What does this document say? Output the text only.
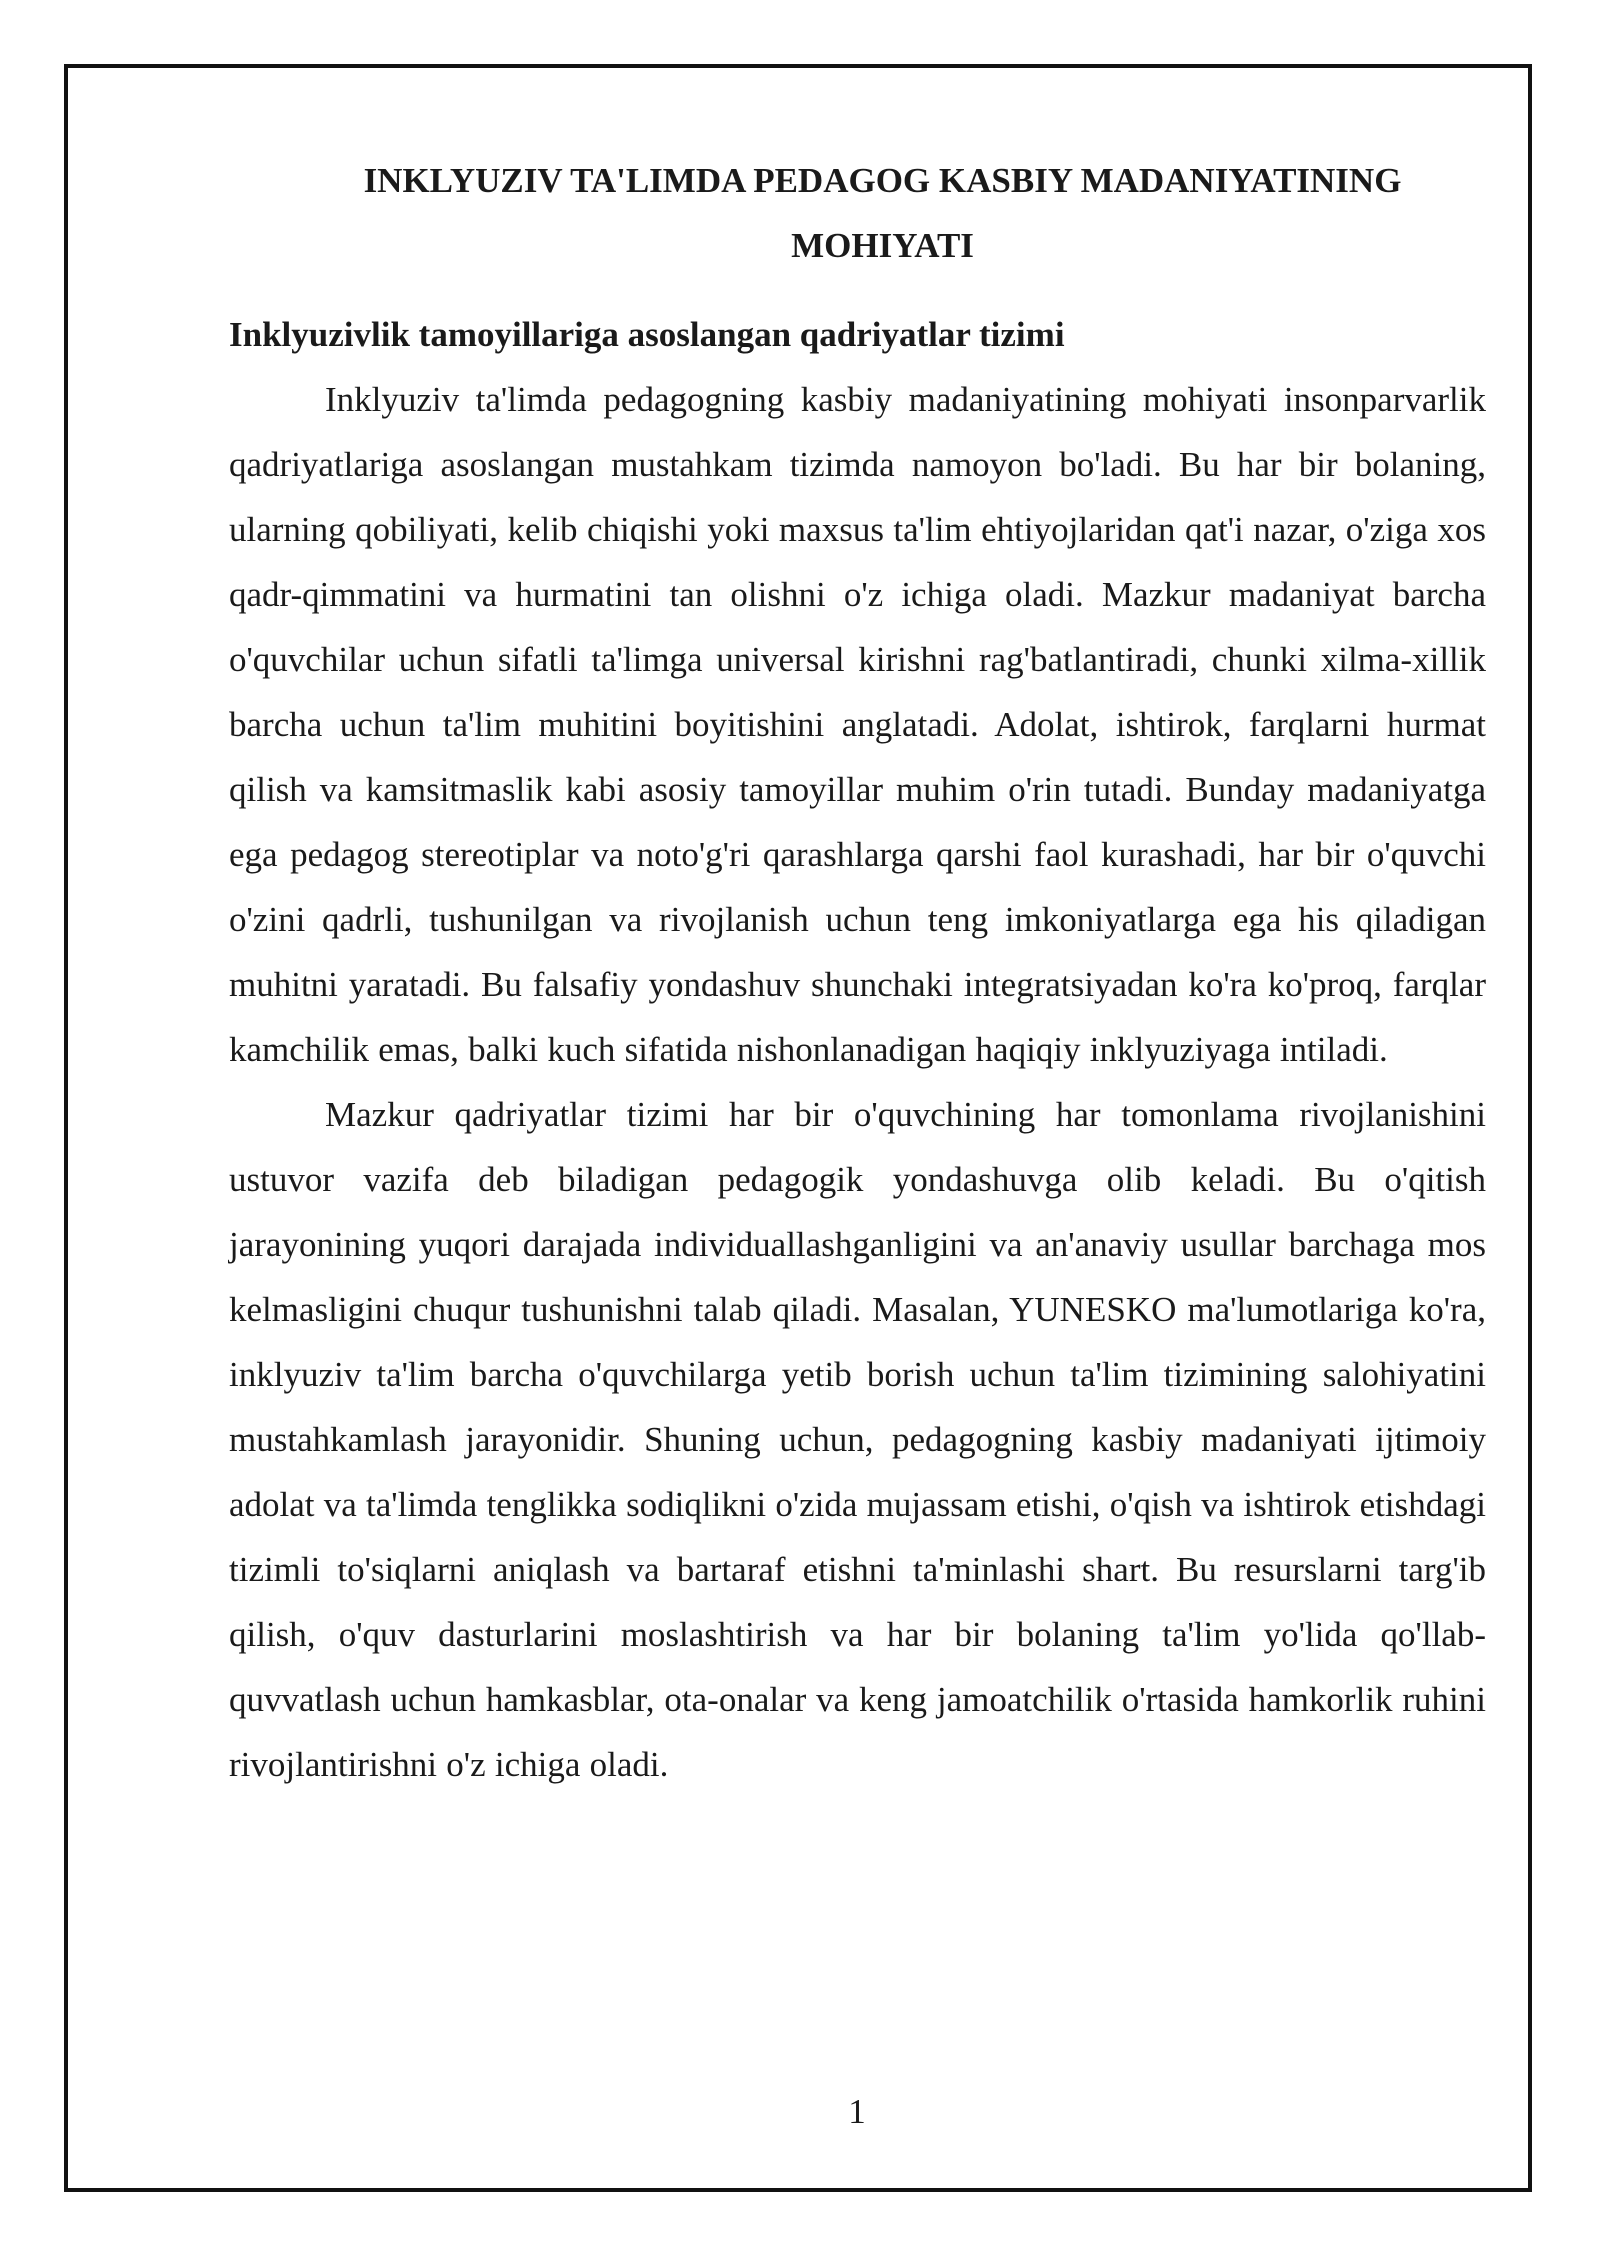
INKLYUZIV TA'LIMDA PEDAGOG KASBIY MADANIYATINING MOHIYATI
Inklyuzivlik tamoyillariga asoslangan qadriyatlar tizimi

Inklyuziv ta'limda pedagogning kasbiy madaniyatining mohiyati insonparvarlik qadriyatlariga asoslangan mustahkam tizimda namoyon bo'ladi. Bu har bir bolaning, ularning qobiliyati, kelib chiqishi yoki maxsus ta'lim ehtiyojlaridan qat'i nazar, o'ziga xos qadr-qimmatini va hurmatini tan olishni o'z ichiga oladi. Mazkur madaniyat barcha o'quvchilar uchun sifatli ta'limga universal kirishni rag'batlantiradi, chunki xilma-xillik barcha uchun ta'lim muhitini boyitishini anglatadi. Adolat, ishtirok, farqlarni hurmat qilish va kamsitmaslik kabi asosiy tamoyillar muhim o'rin tutadi. Bunday madaniyatga ega pedagog stereotiplar va noto'g'ri qarashlarga qarshi faol kurashadi, har bir o'quvchi o'zini qadrli, tushunilgan va rivojlanish uchun teng imkoniyatlarga ega his qiladigan muhitni yaratadi. Bu falsafiy yondashuv shunchaki integratsiyadan ko'ra ko'proq, farqlar kamchilik emas, balki kuch sifatida nishonlanadigan haqiqiy inklyuziyaga intiladi.

Mazkur qadriyatlar tizimi har bir o'quvchining har tomonlama rivojlanishini ustuvor vazifa deb biladigan pedagogik yondashuvga olib keladi. Bu o'qitish jarayonining yuqori darajada individuallashganligini va an'anaviy usullar barchaga mos kelmasligini chuqur tushunishni talab qiladi. Masalan, YUNESKO ma'lumotlariga ko'ra, inklyuziv ta'lim barcha o'quvchilarga yetib borish uchun ta'lim tizimining salohiyatini mustahkamlash jarayonidir. Shuning uchun, pedagogning kasbiy madaniyati ijtimoiy adolat va ta'limda tenglikka sodiqlikni o'zida mujassam etishi, o'qish va ishtirok etishdagi tizimli to'siqlarni aniqlash va bartaraf etishni ta'minlashi shart. Bu resurslarni targ'ib qilish, o'quv dasturlarini moslashtirish va har bir bolaning ta'lim yo'lida qo'llab-quvvatlash uchun hamkasblar, ota-onalar va keng jamoatchilik o'rtasida hamkorlik ruhini rivojlantirishni o'z ichiga oladi.

1
